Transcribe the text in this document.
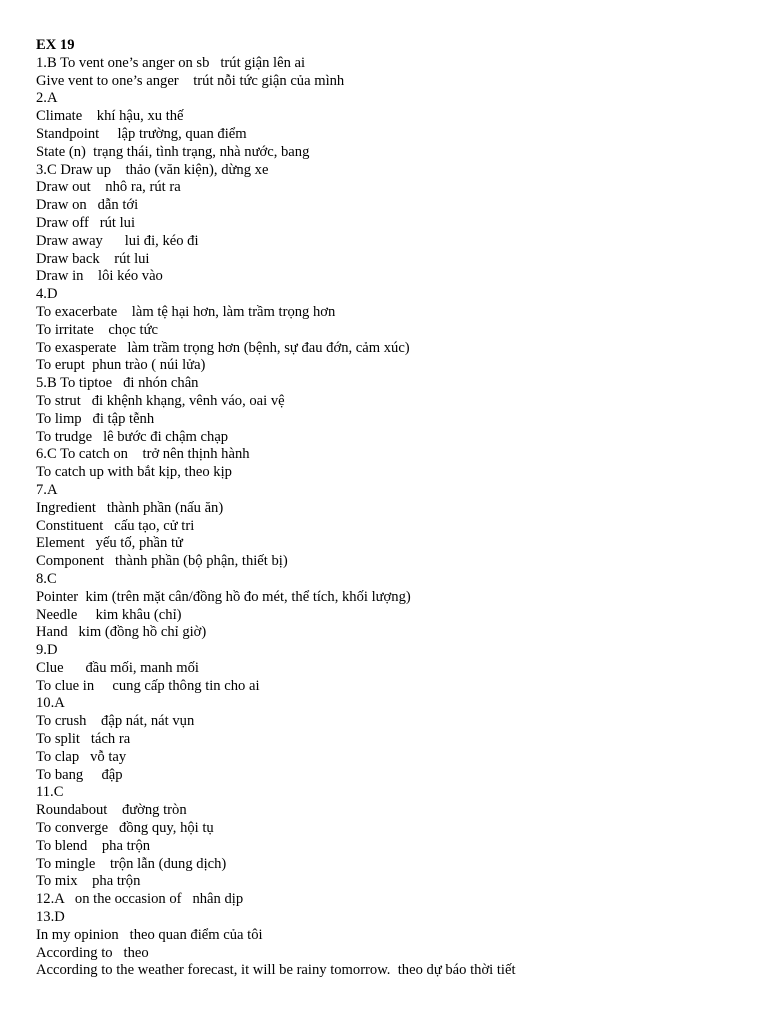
EX 19
1.B To vent one’s anger on sb   trút giận lên ai
Give vent to one’s anger    trút nỗi tức giận của mình
2.A
Climate    khí hậu, xu thế
Standpoint     lập trường, quan điểm
State (n)  trạng thái, tình trạng, nhà nước, bang
3.C Draw up    thảo (văn kiện), dừng xe
Draw out    nhô ra, rút ra
Draw on   dẫn tới
Draw off   rút lui
Draw away      lui đi, kéo đi
Draw back    rút lui
Draw in    lôi kéo vào
4.D
To exacerbate    làm tệ hại hơn, làm trầm trọng hơn
To irritate    chọc tức
To exasperate   làm trầm trọng hơn (bệnh, sự đau đớn, cảm xúc)
To erupt  phun trào ( núi lửa)
5.B To tiptoe   đi nhón chân
To strut   đi khệnh khạng, vênh váo, oai vệ
To limp   đi tập tễnh
To trudge   lê bước đi chậm chạp
6.C To catch on    trở nên thịnh hành
To catch up with bắt kịp, theo kịp
7.A
Ingredient   thành phần (nấu ăn)
Constituent   cấu tạo, cử tri
Element   yếu tố, phần tử
Component   thành phần (bộ phận, thiết bị)
8.C
Pointer  kim (trên mặt cân/đồng hồ đo mét, thể tích, khối lượng)
Needle     kim khâu (chỉ)
Hand   kim (đồng hồ chỉ giờ)
9.D
Clue      đầu mối, manh mối
To clue in     cung cấp thông tin cho ai
10.A
To crush    đập nát, nát vụn
To split   tách ra
To clap   vỗ tay
To bang     đập
11.C
Roundabout    đường tròn
To converge   đồng quy, hội tụ
To blend    pha trộn
To mingle    trộn lẫn (dung dịch)
To mix    pha trộn
12.A   on the occasion of   nhân dịp
13.D
In my opinion   theo quan điểm của tôi
According to   theo
According to the weather forecast, it will be rainy tomorrow.  theo dự báo thời tiết
